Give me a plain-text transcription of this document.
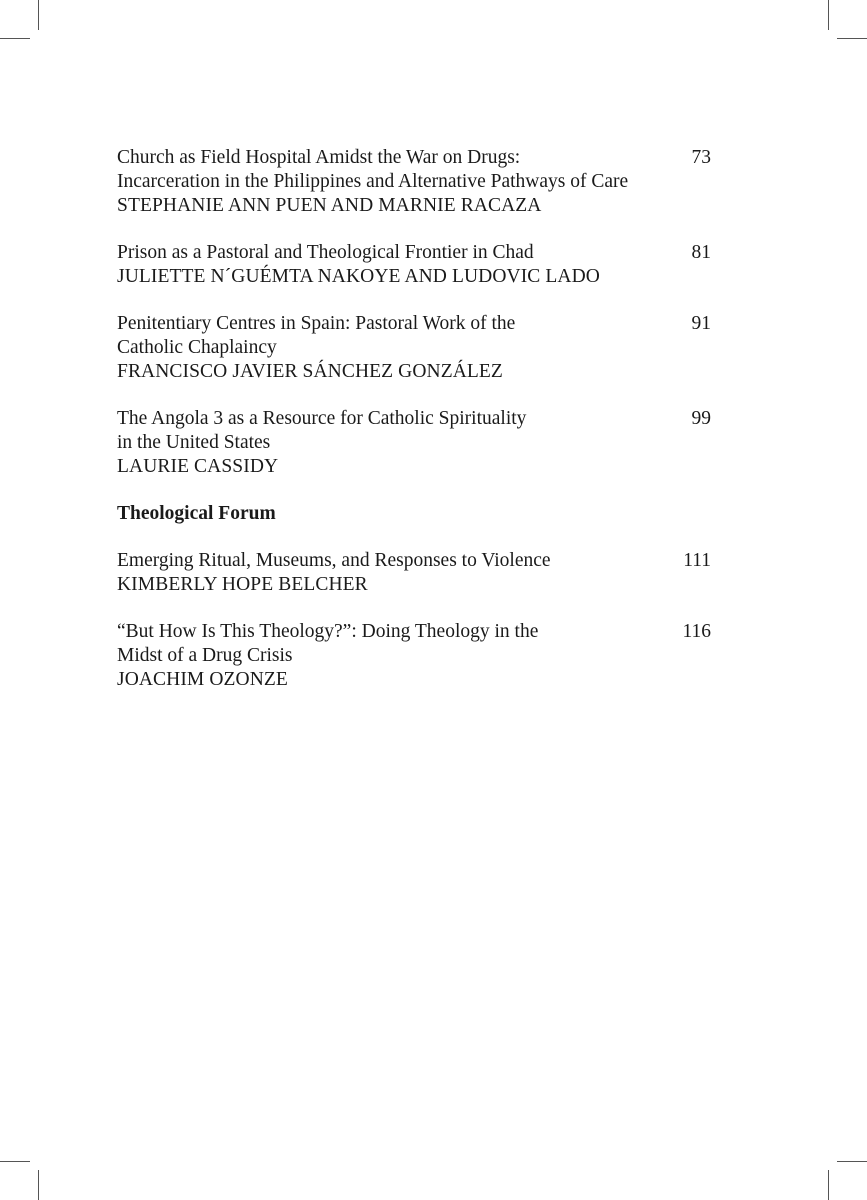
Church as Field Hospital Amidst the War on Drugs:
Incarceration in the Philippines and Alternative Pathways of Care
STEPHANIE ANN PUEN AND MARNIE RACAZA
73
Prison as a Pastoral and Theological Frontier in Chad
JULIETTE N´GUÉMTA NAKOYE AND LUDOVIC LADO
81
Penitentiary Centres in Spain: Pastoral Work of the
Catholic Chaplaincy
FRANCISCO JAVIER SÁNCHEZ GONZÁLEZ
91
The Angola 3 as a Resource for Catholic Spirituality
in the United States
LAURIE CASSIDY
99
Theological Forum
Emerging Ritual, Museums, and Responses to Violence
KIMBERLY HOPE BELCHER
111
“But How Is This Theology?”: Doing Theology in the
Midst of a Drug Crisis
JOACHIM OZONZE
116
